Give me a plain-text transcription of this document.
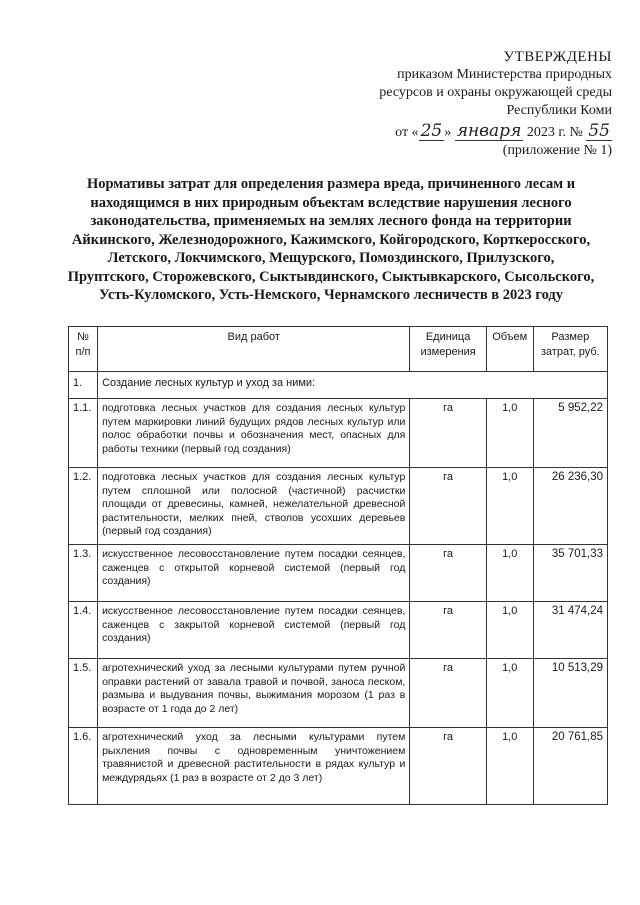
УТВЕРЖДЕНЫ
приказом Министерства природных
ресурсов и охраны окружающей среды
Республики Коми
от « 25 » января 2023 г. № 55
(приложение № 1)
Нормативы затрат для определения размера вреда, причиненного лесам и находящимся в них природным объектам вследствие нарушения лесного законодательства, применяемых на землях лесного фонда на территории Айкинского, Железнодорожного, Кажимского, Койгородского, Корткеросского, Летского, Локчимского, Мещурского, Помоздинского, Прилузского, Пруптского, Сторожевского, Сыктывдинского, Сыктывкарского, Сысольского, Усть-Куломского, Усть-Немского, Чернамского лесничеств в 2023 году
№ п/п	Вид работ	Единица измерения	Объем	Размер затрат, руб.
1.	Создание лесных культур и уход за ними:			
1.1.	подготовка лесных участков для создания лесных культур путем маркировки линий будущих рядов лесных культур или полос обработки почвы и обозначения мест, опасных для работы техники (первый год создания)	га	1,0	5 952,22
1.2.	подготовка лесных участков для создания лесных культур путем сплошной или полосной (частичной) расчистки площади от древесины, камней, нежелательной древесной растительности, мелких пней, стволов усохших деревьев (первый год создания)	га	1,0	26 236,30
1.3.	искусственное лесовосстановление путем посадки сеянцев, саженцев с открытой корневой системой (первый год создания)	га	1,0	35 701,33
1.4.	искусственное лесовосстановление путем посадки сеянцев, саженцев с закрытой корневой системой (первый год создания)	га	1,0	31 474,24
1.5.	агротехнический уход за лесными культурами путем ручной оправки растений от завала травой и почвой, заноса песком, размыва и выдувания почвы, выжимания морозом (1 раз в возрасте от 1 года до 2 лет)	га	1,0	10 513,29
1.6.	агротехнический уход за лесными культурами путем рыхления почвы с одновременным уничтожением травянистой и древесной растительности в рядах культур и междурядьях (1 раз в возрасте от 2 до 3 лет)	га	1,0	20 761,85
